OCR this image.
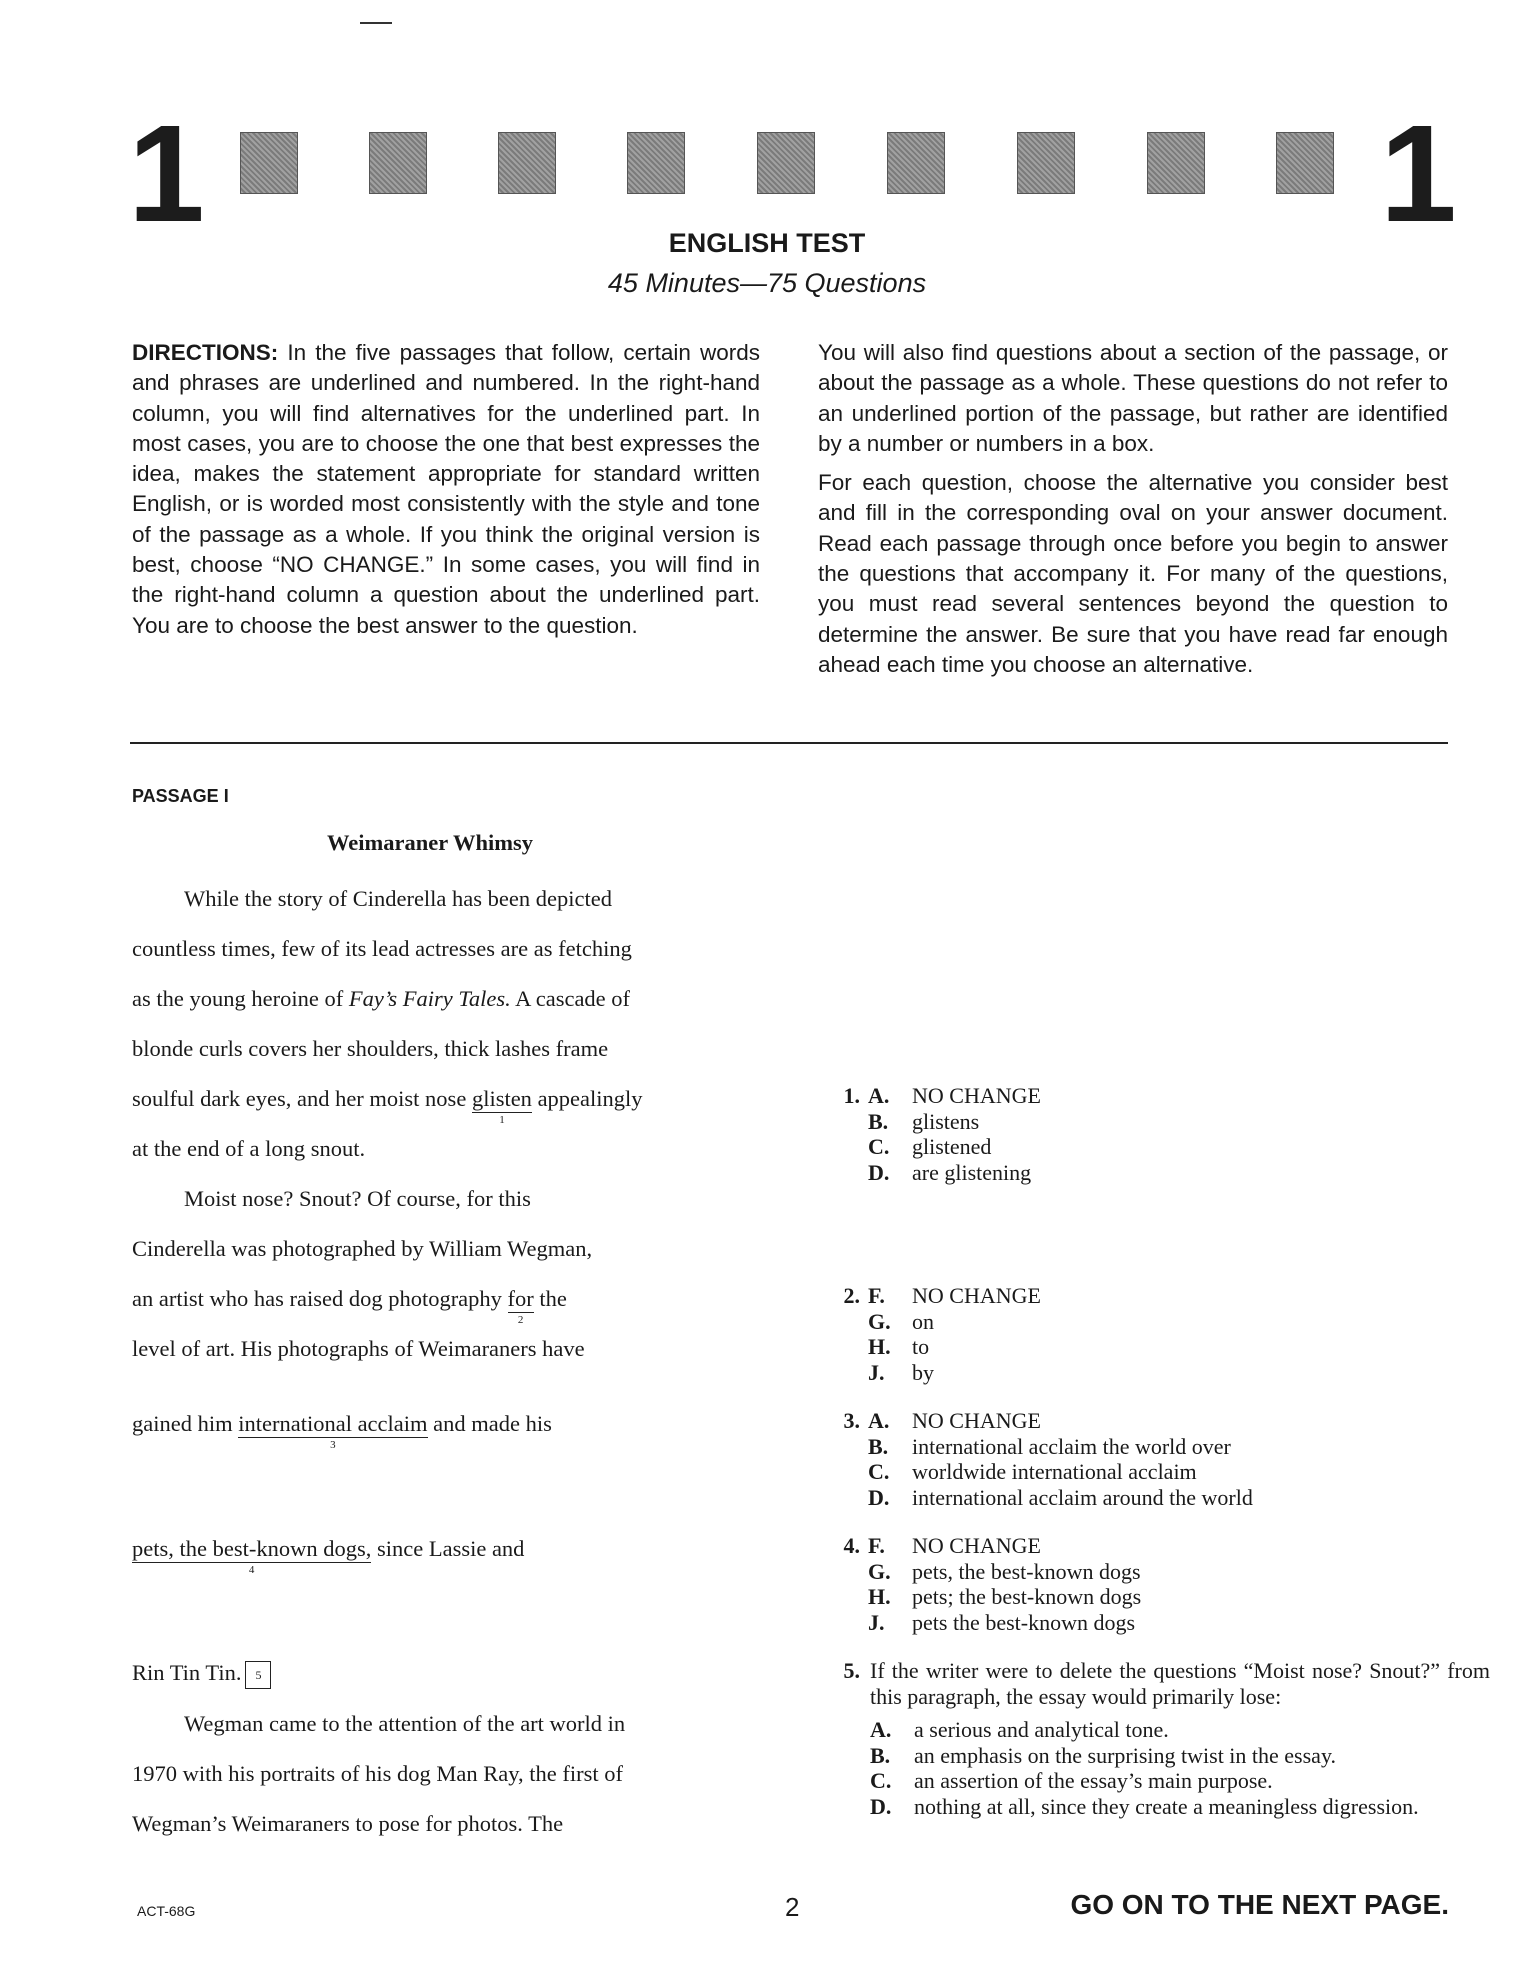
1	1
ENGLISH TEST
45 Minutes—75 Questions

DIRECTIONS: In the five passages that follow, certain words and phrases are underlined and numbered. In the right-hand column, you will find alternatives for the underlined part. In most cases, you are to choose the one that best expresses the idea, makes the statement appropriate for standard written English, or is worded most consistently with the style and tone of the passage as a whole. If you think the original version is best, choose “NO CHANGE.” In some cases, you will find in the right-hand column a question about the underlined part. You are to choose the best answer to the question.

You will also find questions about a section of the passage, or about the passage as a whole. These questions do not refer to an underlined portion of the passage, but rather are identified by a number or numbers in a box.

For each question, choose the alternative you consider best and fill in the corresponding oval on your answer document. Read each passage through once before you begin to answer the questions that accompany it. For many of the questions, you must read several sentences beyond the question to determine the answer. Be sure that you have read far enough ahead each time you choose an alternative.

PASSAGE I
Weimaraner Whimsy
While the story of Cinderella has been depicted
countless times, few of its lead actresses are as fetching
as the young heroine of Fay’s Fairy Tales. A cascade of
blonde curls covers her shoulders, thick lashes frame
soulful dark eyes, and her moist nose glisten
1
appealingly
at the end of a long snout.
Moist nose? Snout? Of course, for this
Cinderella was photographed by William Wegman,
an artist who has raised dog photography for
2
the
level of art. His photographs of Weimaraners have
gained him international acclaim
3
and made his
pets, the best-known dogs,
4
since Lassie and
Rin Tin Tin. 5
Wegman came to the attention of the art world in
1970 with his portraits of his dog Man Ray, the first of
Wegman’s Weimaraners to pose for photos. The
1. A.	NO CHANGE
B.	glistens
C.	glistened
D.	are glistening
2. F.	NO CHANGE
G. on
H. to
J.	by
3. A.	NO CHANGE
B.	international acclaim the world over
C.	worldwide international acclaim
D.	international acclaim around the world
4. F.	NO CHANGE
G. pets, the best-known dogs
H. pets; the best-known dogs
J.	pets the best-known dogs
5. If the writer were to delete the questions “Moist nose? Snout?” from this paragraph, the essay would primarily lose:
A. a serious and analytical tone.
B. an emphasis on the surprising twist in the essay.
C. an assertion of the essay’s main purpose.
D. nothing at all, since they create a meaningless digression.
ACT-68G	2	GO ON TO THE NEXT PAGE.
